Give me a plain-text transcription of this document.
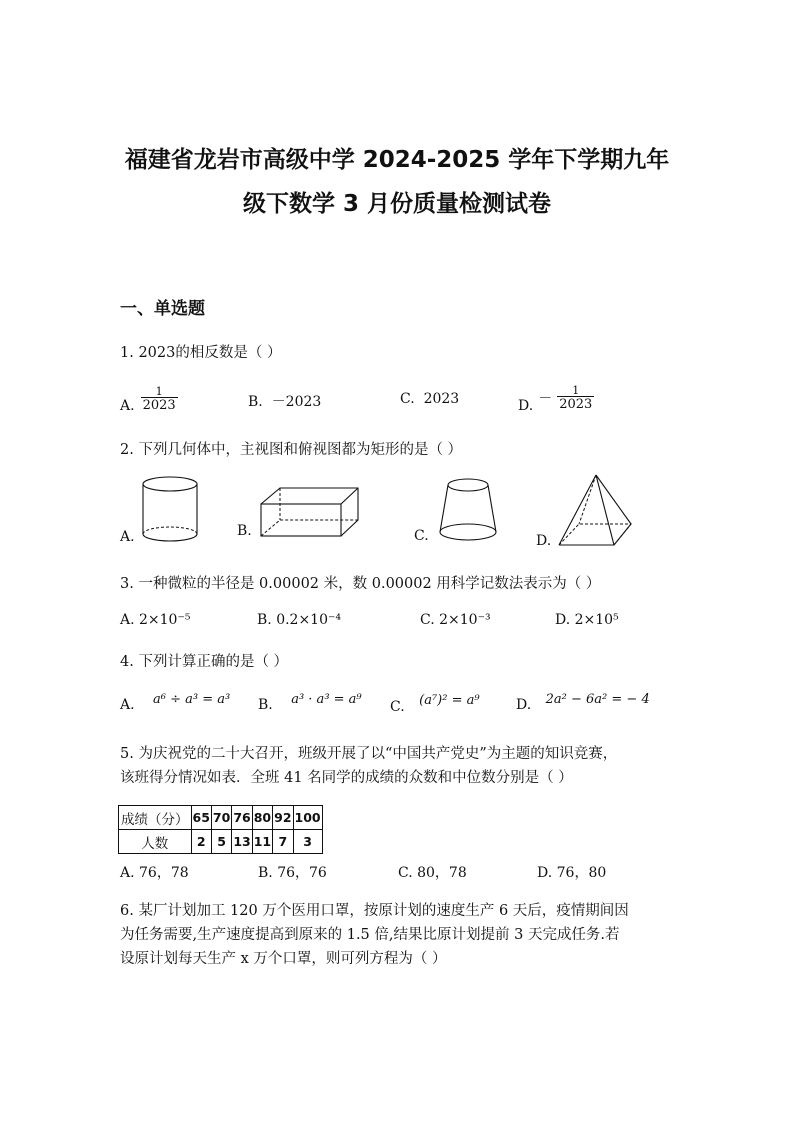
福建省龙岩市高级中学 2024-2025 学年下学期九年
级下数学 3 月份质量检测试卷
一、单选题
1. 2023的相反数是（ ）
A. $\frac{1}{2023}$	B. －2023	C. 2023	D. － $\frac{1}{2023}$
2. 下列几何体中，主视图和俯视图都为矩形的是（ ）
A.	B.	C.	D.
3. 一种微粒的半径是 0.00002 米，数 0.00002 用科学记数法表示为（ ）
A. 2×10⁻⁵	B. 0.2×10⁻⁴	C. 2×10⁻³	D. 2×10⁵
4. 下列计算正确的是（ ）
A. a⁶ ÷ a³ = a³ B. a³ · a³ = a⁹ C. (a⁷)² = a⁹	D. 2a² − 6a² = − 4
5. 为庆祝党的二十大召开，班级开展了以“中国共产党史”为主题的知识竞赛，
该班得分情况如表．全班 41 名同学的成绩的众数和中位数分别是（ ）
成绩（分）	65	70	76	80	92	100
人数	2	5	13	11	7	3
A. 76，78	B. 76，76	C. 80，78	D. 76，80
6. 某厂计划加工 120 万个医用口罩，按原计划的速度生产 6 天后，疫情期间因
为任务需要,生产速度提高到原来的 1.5 倍,结果比原计划提前 3 天完成任务.若
设原计划每天生产 x 万个口罩，则可列方程为（ ）
